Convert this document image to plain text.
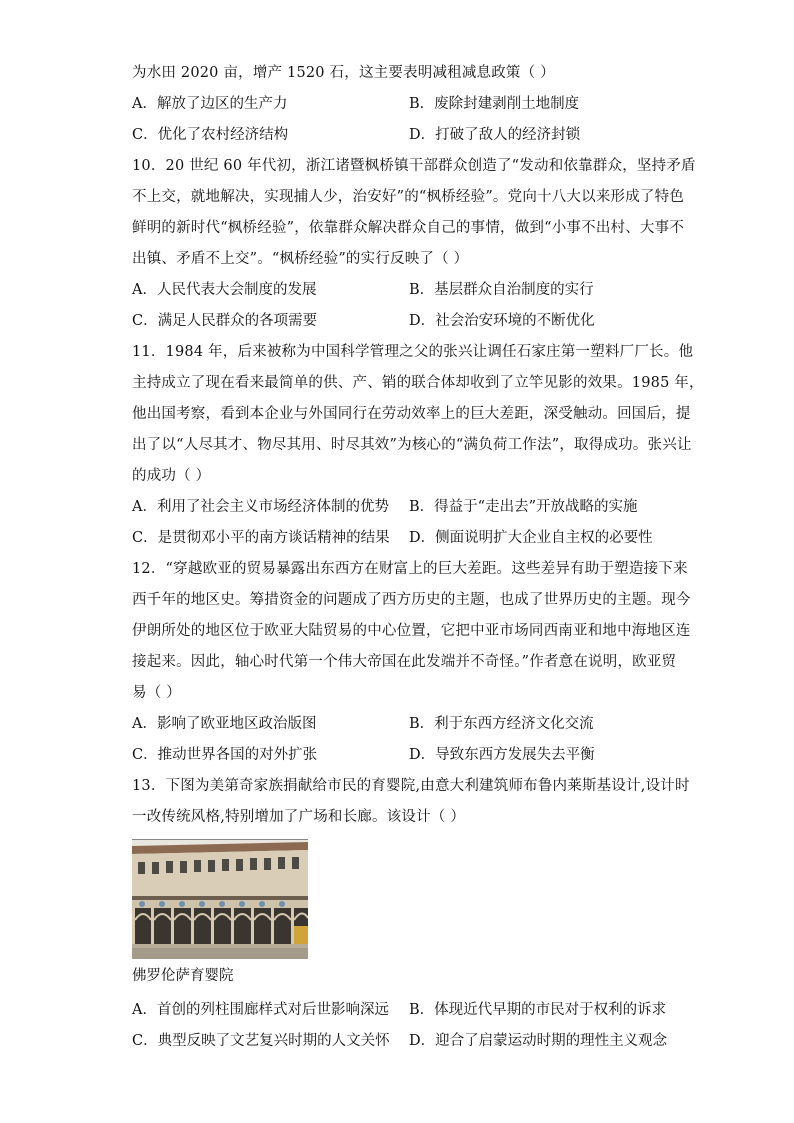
为水田 2020 亩，增产 1520 石，这主要表明减租减息政策（ ）
A．解放了边区的生产力	B．废除封建剥削土地制度
C．优化了农村经济结构	D．打破了敌人的经济封锁
10．20 世纪 60 年代初，浙江诸暨枫桥镇干部群众创造了“发动和依靠群众，坚持矛盾
不上交，就地解决，实现捕人少，治安好”的“枫桥经验”。党向十八大以来形成了特色
鲜明的新时代“枫桥经验”，依靠群众解决群众自己的事情，做到“小事不出村、大事不
出镇、矛盾不上交”。“枫桥经验”的实行反映了（ ）
A．人民代表大会制度的发展	B．基层群众自治制度的实行
C．满足人民群众的各项需要	D．社会治安环境的不断优化
11．1984 年，后来被称为中国科学管理之父的张兴让调任石家庄第一塑料厂厂长。他
主持成立了现在看来最简单的供、产、销的联合体却收到了立竿见影的效果。1985 年，
他出国考察，看到本企业与外国同行在劳动效率上的巨大差距，深受触动。回国后，提
出了以“人尽其才、物尽其用、时尽其效”为核心的“满负荷工作法”，取得成功。张兴让
的成功（ ）
A．利用了社会主义市场经济体制的优势	B．得益于“走出去”开放战略的实施
C．是贯彻邓小平的南方谈话精神的结果	D．侧面说明扩大企业自主权的必要性
12．“穿越欧亚的贸易暴露出东西方在财富上的巨大差距。这些差异有助于塑造接下来
西千年的地区史。筹措资金的问题成了西方历史的主题，也成了世界历史的主题。现今
伊朗所处的地区位于欧亚大陆贸易的中心位置，它把中亚市场同西南亚和地中海地区连
接起来。因此，轴心时代第一个伟大帝国在此发端并不奇怪。”作者意在说明，欧亚贸
易（ ）
A．影响了欧亚地区政治版图	B．利于东西方经济文化交流
C．推动世界各国的对外扩张	D．导致东西方发展失去平衡
13．下图为美第奇家族捐献给市民的育婴院,由意大利建筑师布鲁内莱斯基设计,设计时
一改传统风格,特别增加了广场和长廊。该设计（ ）
佛罗伦萨育婴院
A．首创的列柱围廊样式对后世影响深远	B．体现近代早期的市民对于权利的诉求
C．典型反映了文艺复兴时期的人文关怀	D．迎合了启蒙运动时期的理性主义观念
